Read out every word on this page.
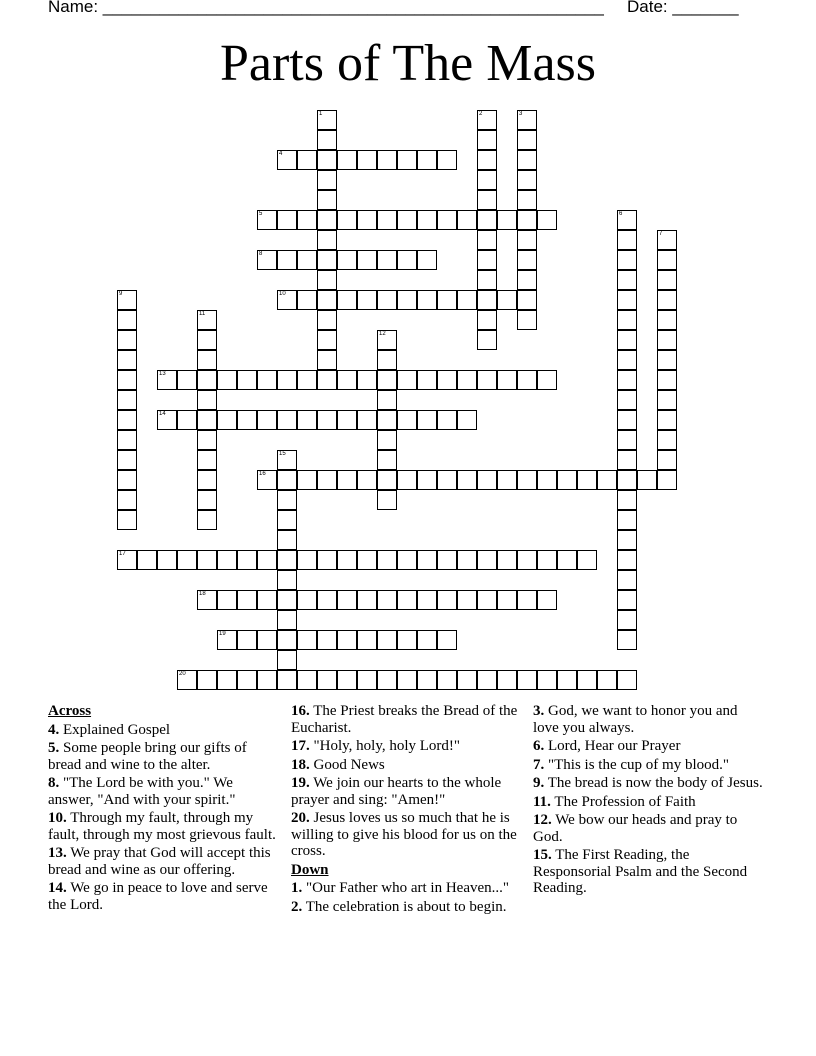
Name: _____________________________________________________ Date: _______
Parts of The Mass
1	2	3
4
5	6
7
8
9	10
11
12
13
14
15
16
17
18
19
20
Across

4. Explained Gospel

5. Some people bring our gifts of bread and wine to the alter.

8. "The Lord be with you." We answer, "And with your spirit."

10. Through my fault, through my fault, through my most grievous fault.

13. We pray that God will accept this bread and wine as our offering.

14. We go in peace to love and serve the Lord.

16. The Priest breaks the Bread of the Eucharist.

17. "Holy, holy, holy Lord!"

18. Good News

19. We join our hearts to the whole prayer and sing: "Amen!"

20. Jesus loves us so much that he is willing to give his blood for us on the cross.

Down

1. "Our Father who art in Heaven..."

2. The celebration is about to begin.

3. God, we want to honor you and love you always.

6. Lord, Hear our Prayer

7. "This is the cup of my blood."

9. The bread is now the body of Jesus.

11. The Profession of Faith

12. We bow our heads and pray to God.

15. The First Reading, the Responsorial Psalm and the Second Reading.
